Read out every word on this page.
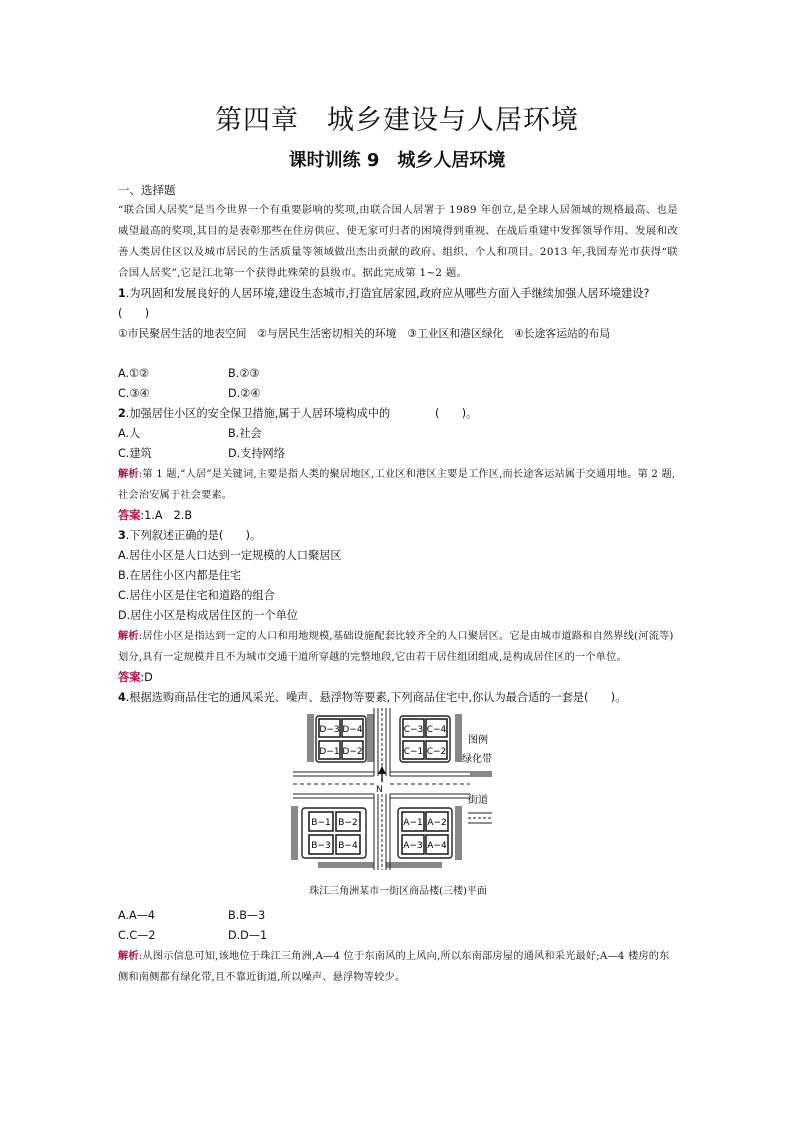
第四章　城乡建设与人居环境
课时训练 9　城乡人居环境
一、选择题
“联合国人居奖”是当今世界一个有重要影响的奖项,由联合国人居署于 1989 年创立,是全球人居领域的规格最高、也是威望最高的奖项,其目的是表彰那些在住房供应、使无家可归者的困境得到重视、在战后重建中发挥领导作用、发展和改善人类居住区以及城市居民的生活质量等领域做出杰出贡献的政府、组织、个人和项目。2013 年,我国寿光市获得“联合国人居奖”,它是江北第一个获得此殊荣的县级市。据此完成第 1~2 题。
1.为巩固和发展良好的人居环境,建设生态城市,打造宜居家园,政府应从哪些方面入手继续加强人居环境建设?(　　)
①市民聚居生活的地表空间　②与居民生活密切相关的环境　③工业区和港区绿化　④长途客运站的布局
A.①②	B.②③
C.③④	D.②④
2.加强居住小区的安全保卫措施,属于人居环境构成中的　　　　(　　)。
A.人	B.社会
C.建筑	D.支持网络
解析:第 1 题,“人居”是关键词,主要是指人类的聚居地区,工业区和港区主要是工作区,而长途客运站属于交通用地。第 2 题,社会治安属于社会要素。
答案:1.A　2.B
3.下列叙述正确的是(　　)。
A.居住小区是人口达到一定规模的人口聚居区
B.在居住小区内都是住宅
C.居住小区是住宅和道路的组合
D.居住小区是构成居住区的一个单位
解析:居住小区是指达到一定的人口和用地规模,基础设施配套比较齐全的人口聚居区。它是由城市道路和自然界线(河流等)划分,具有一定规模并且不为城市交通干道所穿越的完整地段,它由若干居住组团组成,是构成居住区的一个单位。
答案:D
4.根据选购商品住宅的通风采光、噪声、悬浮物等要素,下列商品住宅中,你认为最合适的一套是(　　)。
N
D−3 D−4
D−1 D−2
C−3 C−4
C−1 C−2
B−1 B−2
B−3 B−4
A−1 A−2
A−3 A−4
图例
绿化带
街道
珠江三角洲某市一街区商品楼(三楼)平面
A.A—4	B.B—3
C.C—2	D.D—1
解析:从图示信息可知,该地位于珠江三角洲,A—4 位于东南风的上风向,所以东南部房屋的通风和采光最好;A—4 楼房的东侧和南侧都有绿化带,且不靠近街道,所以噪声、悬浮物等较少。
